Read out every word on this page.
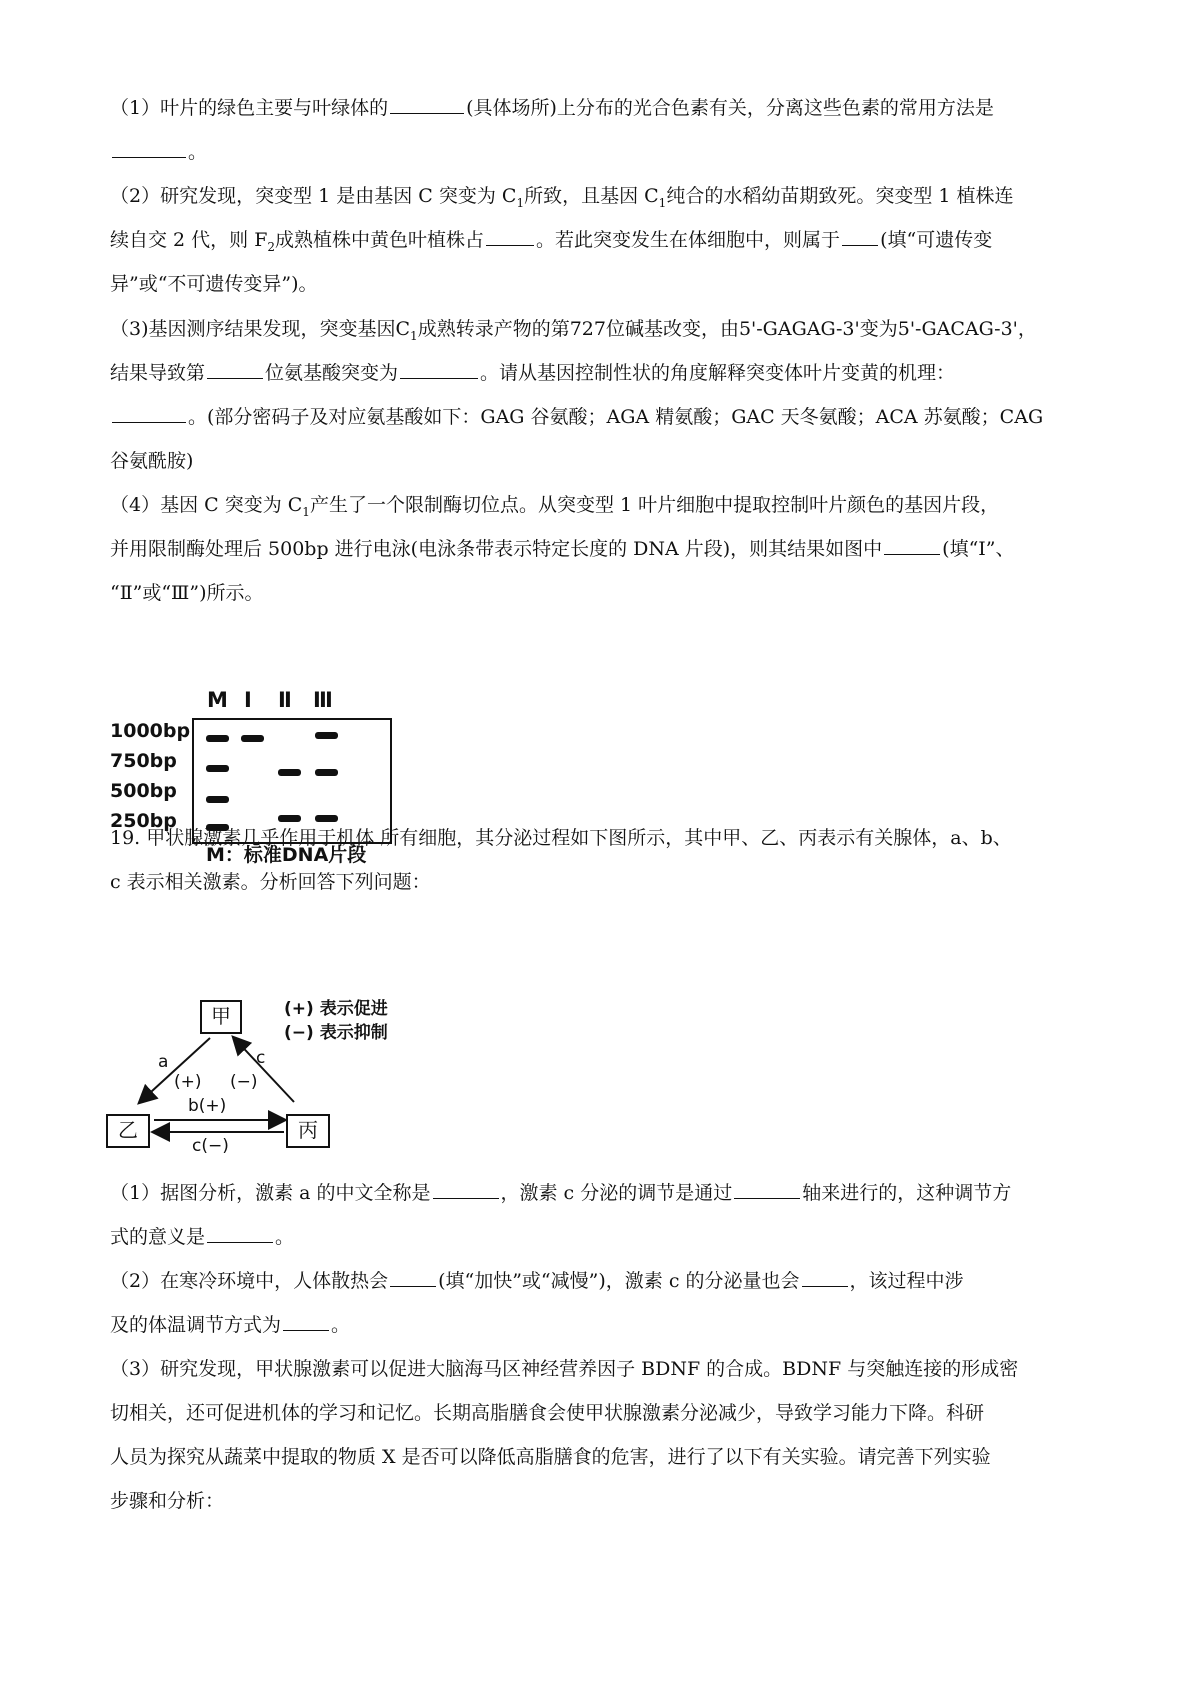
（1）叶片的绿色主要与叶绿体的	(具体场所)上分布的光合色素有关，分离这些色素的常用方法是
。
（2）研究发现，突变型 1 是由基因 C 突变为 $C_1$所致，且基因 $C_1$纯合的水稻幼苗期致死。突变型 1 植株连
续自交 2 代，则 $F_2$成熟植株中黄色叶植株占	。若此突变发生在体细胞中，则属于 (填“可遗传变
异”或“不可遗传变异”)。
（3)基因测序结果发现，突变基因$C_1$成熟转录产物的第727位碱基改变，由5'-GAGAG-3'变为5'-GACAG-3'，
结果导致第	位氨基酸突变为	。请从基因控制性状的角度解释突变体叶片变黄的机理：
。(部分密码子及对应氨基酸如下：GAG 谷氨酸；AGA 精氨酸；GAC 天冬氨酸；ACA 苏氨酸；CAG
谷氨酰胺)
（4）基因 C 突变为 $C_1$产生了一个限制酶切位点。从突变型 1 叶片细胞中提取控制叶片颜色的基因片段，
并用限制酶处理后 500bp 进行电泳(电泳条带表示特定长度的 DNA 片段)，则其结果如图中	(填“I”、
“Ⅱ”或“Ⅲ”)所示。
M I Ⅱ Ⅲ
1000bp
750bp
500bp
250bp
M：标准DNA片段
19. 甲状腺激素几乎作用于机体 所有细胞，其分泌过程如下图所示，其中甲、乙、丙表示有关腺体，a、b、
c 表示相关激素。分析回答下列问题：
甲
乙	丙
a
(+)
c
(−)
b(+)
c(−)
(+) 表示促进
(−) 表示抑制
（1）据图分析，激素 a 的中文全称是	，激素 c 分泌的调节是通过	轴来进行的，这种调节方
式的意义是	。
（2）在寒冷环境中，人体散热会	(填“加快”或“减慢”)，激素 c 的分泌量也会	，该过程中涉
及的体温调节方式为	。
（3）研究发现，甲状腺激素可以促进大脑海马区神经营养因子 BDNF 的合成。BDNF 与突触连接的形成密
切相关，还可促进机体的学习和记忆。长期高脂膳食会使甲状腺激素分泌减少，导致学习能力下降。科研
人员为探究从蔬菜中提取的物质 X 是否可以降低高脂膳食的危害，进行了以下有关实验。请完善下列实验
步骤和分析：
